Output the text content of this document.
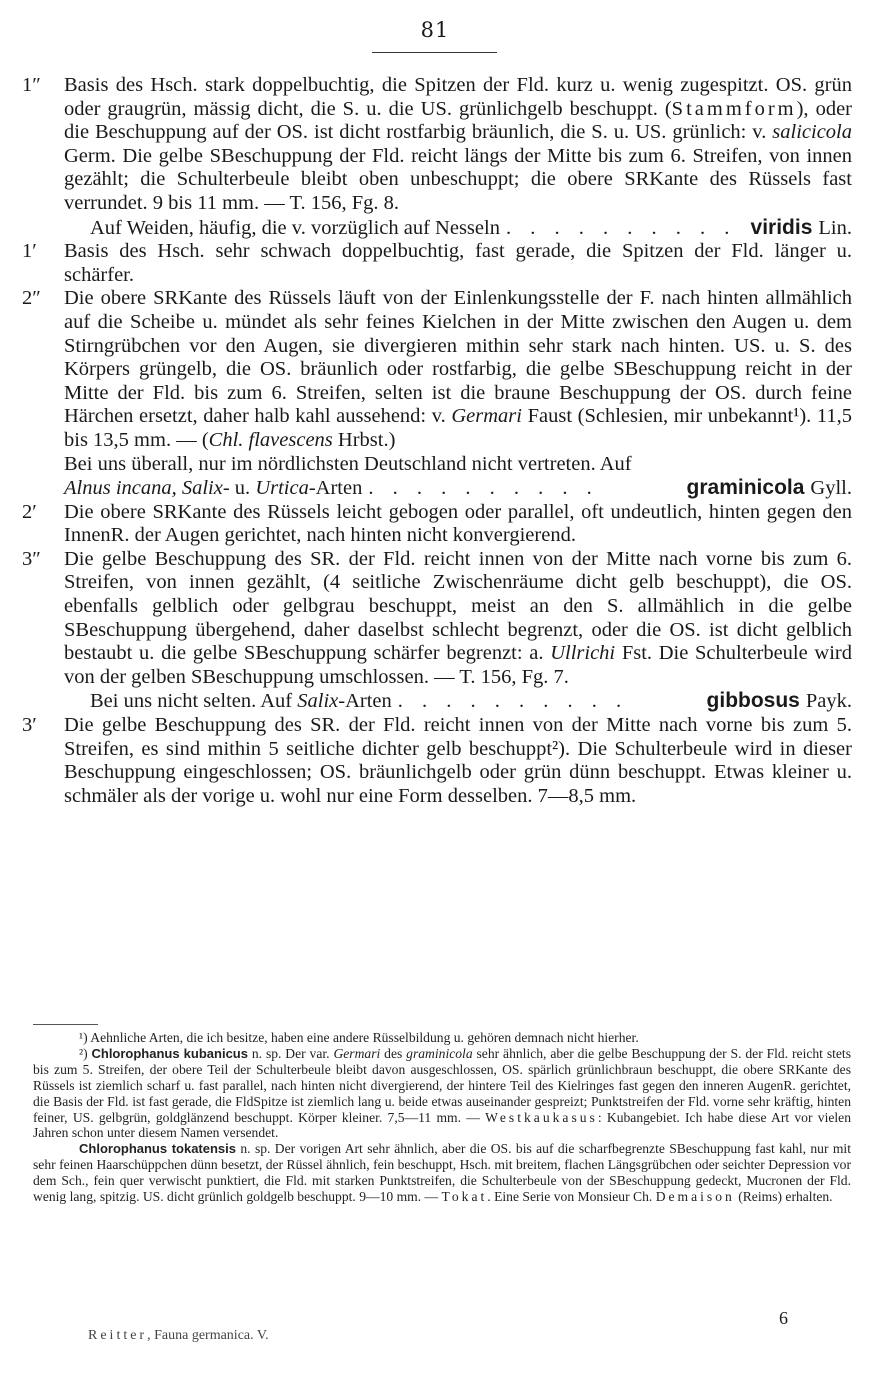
81
1″ Basis des Hsch. stark doppelbuchtig, die Spitzen der Fld. kurz u. wenig zugespitzt. OS. grün oder graugrün, mässig dicht, die S. u. die US. grünlichgelb beschuppt. (Stammform), oder die Beschuppung auf der OS. ist dicht rostfarbig bräunlich, die S. u. US. grünlich: v. salicicola Germ. Die gelbe SBeschuppung der Fld. reicht längs der Mitte bis zum 6. Streifen, von innen gezählt; die Schulterbeule bleibt oben unbeschuppt; die obere SRKante des Rüssels fast verrundet. 9 bis 11 mm. — T. 156, Fg. 8.
Auf Weiden, häufig, die v. vorzüglich auf Nesseln . . . . . . . . . . viridis Lin.
1′ Basis des Hsch. sehr schwach doppelbuchtig, fast gerade, die Spitzen der Fld. länger u. schärfer.
2″ Die obere SRKante des Rüssels läuft von der Einlenkungsstelle der F. nach hinten allmählich auf die Scheibe u. mündet als sehr feines Kielchen in der Mitte zwischen den Augen u. dem Stirngrübchen vor den Augen, sie divergieren mithin sehr stark nach hinten. US. u. S. des Körpers grüngelb, die OS. bräunlich oder rostfarbig, die gelbe SBeschuppung reicht in der Mitte der Fld. bis zum 6. Streifen, selten ist die braune Beschuppung der OS. durch feine Härchen ersetzt, daher halb kahl aussehend: v. Germari Faust (Schlesien, mir unbekannt¹). 11,5 bis 13,5 mm. — (Chl. flavescens Hrbst.)
Bei uns überall, nur im nördlichsten Deutschland nicht vertreten. Auf
Alnus incana, Salix- u. Urtica-Arten . . . . . . . . . .	graminicola Gyll.
2′ Die obere SRKante des Rüssels leicht gebogen oder parallel, oft undeutlich, hinten gegen den InnenR. der Augen gerichtet, nach hinten nicht konvergierend.
3″ Die gelbe Beschuppung des SR. der Fld. reicht innen von der Mitte nach vorne bis zum 6. Streifen, von innen gezählt, (4 seitliche Zwischenräume dicht gelb beschuppt), die OS. ebenfalls gelblich oder gelbgrau beschuppt, meist an den S. allmählich in die gelbe SBeschuppung übergehend, daher daselbst schlecht begrenzt, oder die OS. ist dicht gelblich bestaubt u. die gelbe SBeschuppung schärfer begrenzt: a. Ullrichi Fst. Die Schulterbeule wird von der gelben SBeschuppung umschlossen. — T. 156, Fg. 7.
Bei uns nicht selten. Auf Salix-Arten . . . . . . . . . .	gibbosus Payk.
3′ Die gelbe Beschuppung des SR. der Fld. reicht innen von der Mitte nach vorne bis zum 5. Streifen, es sind mithin 5 seitliche dichter gelb beschuppt²). Die Schulterbeule wird in dieser Beschuppung eingeschlossen; OS. bräunlichgelb oder grün dünn beschuppt. Etwas kleiner u. schmäler als der vorige u. wohl nur eine Form desselben. 7—8,5 mm.

¹) Aehnliche Arten, die ich besitze, haben eine andere Rüsselbildung u. gehören demnach nicht hierher.

²) Chlorophanus kubanicus n. sp. Der var. Germari des graminicola sehr ähnlich, aber die gelbe Beschuppung der S. der Fld. reicht stets bis zum 5. Streifen, der obere Teil der Schulterbeule bleibt davon ausgeschlossen, OS. spärlich grünlichbraun beschuppt, die obere SRKante des Rüssels ist ziemlich scharf u. fast parallel, nach hinten nicht divergierend, der hintere Teil des Kielringes fast gegen den inneren AugenR. gerichtet, die Basis der Fld. ist fast gerade, die FldSpitze ist ziemlich lang u. beide etwas auseinander gespreizt; Punktstreifen der Fld. vorne sehr kräftig, hinten feiner, US. gelbgrün, goldglänzend beschuppt. Körper kleiner. 7,5—11 mm. — Westkaukasus: Kubangebiet. Ich habe diese Art vor vielen Jahren schon unter diesem Namen versendet.

Chlorophanus tokatensis n. sp. Der vorigen Art sehr ähnlich, aber die OS. bis auf die scharfbegrenzte SBeschuppung fast kahl, nur mit sehr feinen Haarschüppchen dünn besetzt, der Rüssel ähnlich, fein beschuppt, Hsch. mit breitem, flachen Längsgrübchen oder seichter Depression vor dem Sch., fein quer verwischt punktiert, die Fld. mit starken Punktstreifen, die Schulterbeule von der SBeschuppung gedeckt, Mucronen der Fld. wenig lang, spitzig. US. dicht grünlich goldgelb beschuppt. 9—10 mm. — Tokat. Eine Serie von Monsieur Ch. Demaison (Reims) erhalten.

6
Reitter, Fauna germanica. V.
